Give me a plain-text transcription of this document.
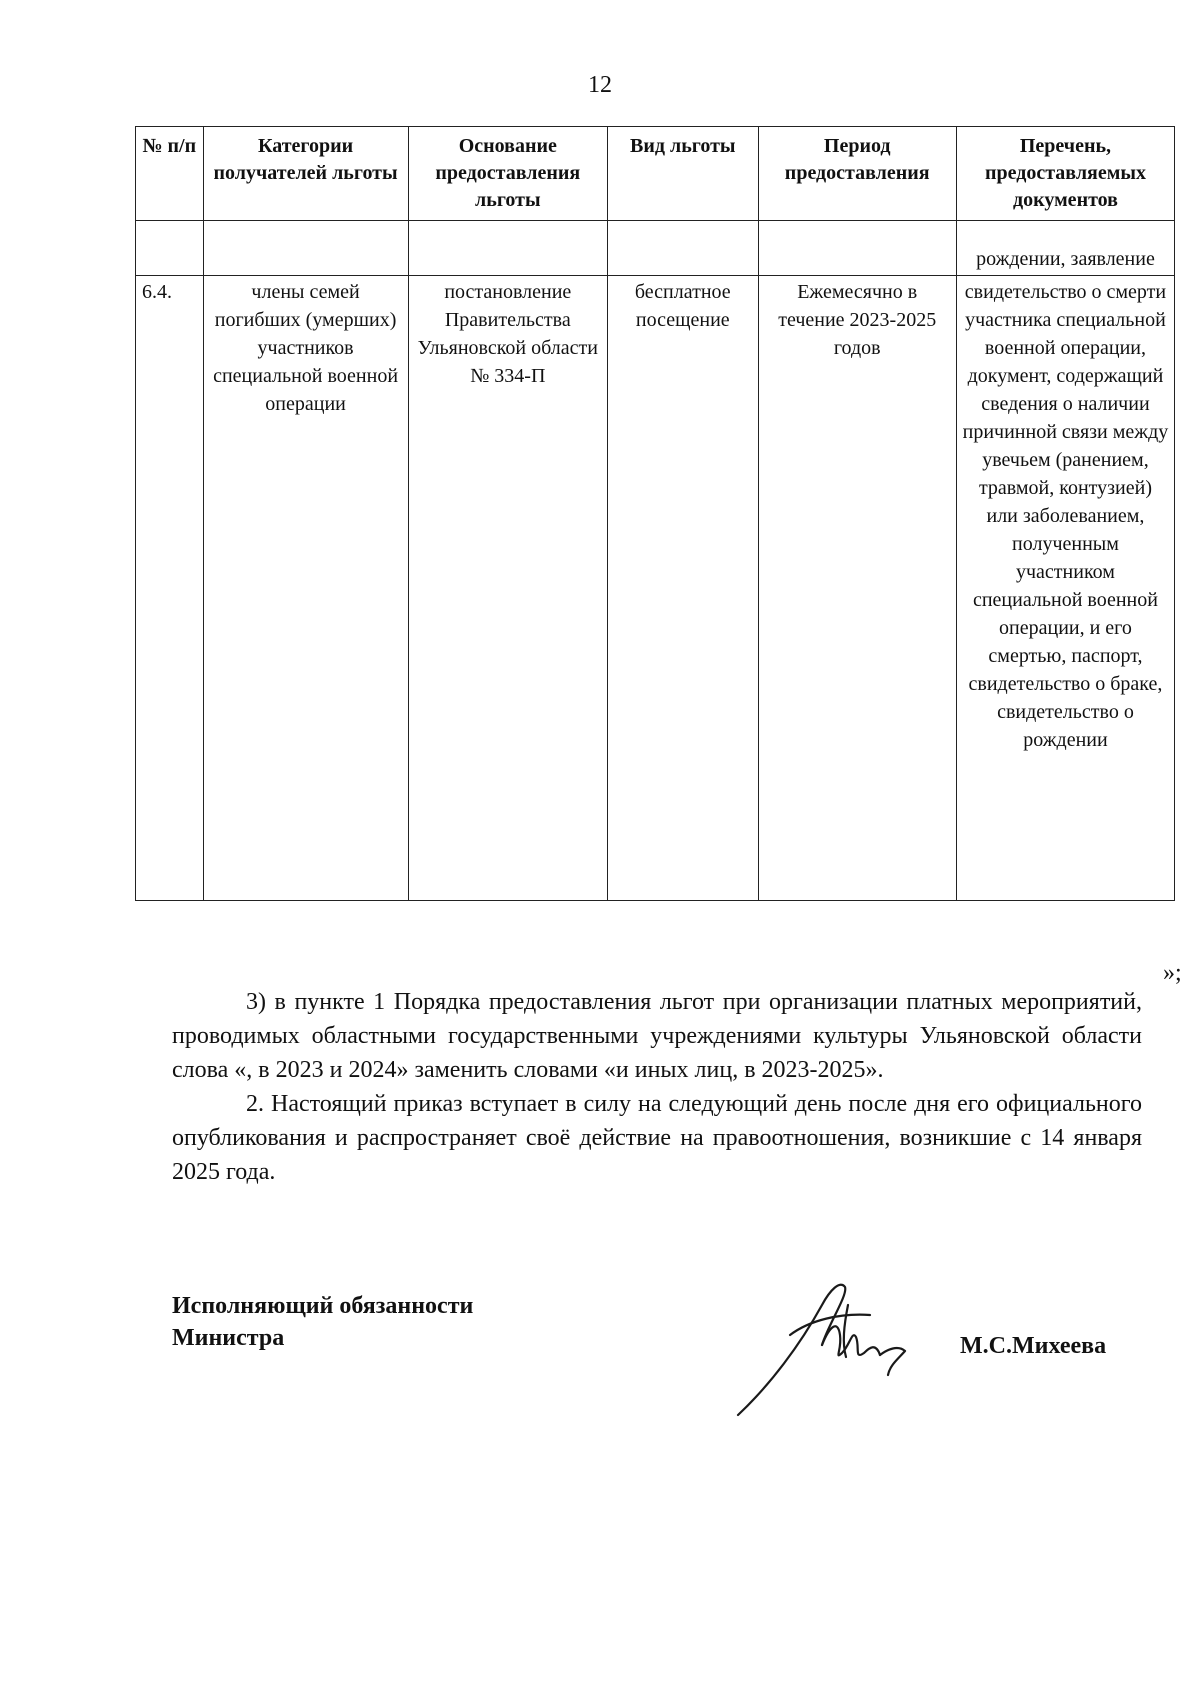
12
№ п/п	Категории получателей льготы	Основание предоставления льготы	Вид льготы	Период предоставления	Перечень, предоставляемых документов
					рождении, заявление
6.4.	члены семей погибших (умерших) участников специальной военной операции	постановление Правительства Ульяновской области № 334-П	бесплатное посещение	Ежемесячно в течение 2023-2025 годов	свидетельство о смерти участника специальной военной операции, документ, содержащий сведения о наличии причинной связи между увечьем (ранением, травмой, контузией) или заболеванием, полученным участником специальной военной операции, и его смертью, паспорт, свидетельство о браке, свидетельство о рождении
»;

3) в пункте 1 Порядка предоставления льгот при организации платных мероприятий, проводимых областными государственными учреждениями культуры Ульяновской области слова «, в 2023 и 2024» заменить словами «и иных лиц, в 2023-2025».

2. Настоящий приказ вступает в силу на следующий день после дня его официального опубликования и распространяет своё действие на правоотношения, возникшие с 14 января 2025 года.

Исполняющий обязанности
Министра	М.С.Михеева
